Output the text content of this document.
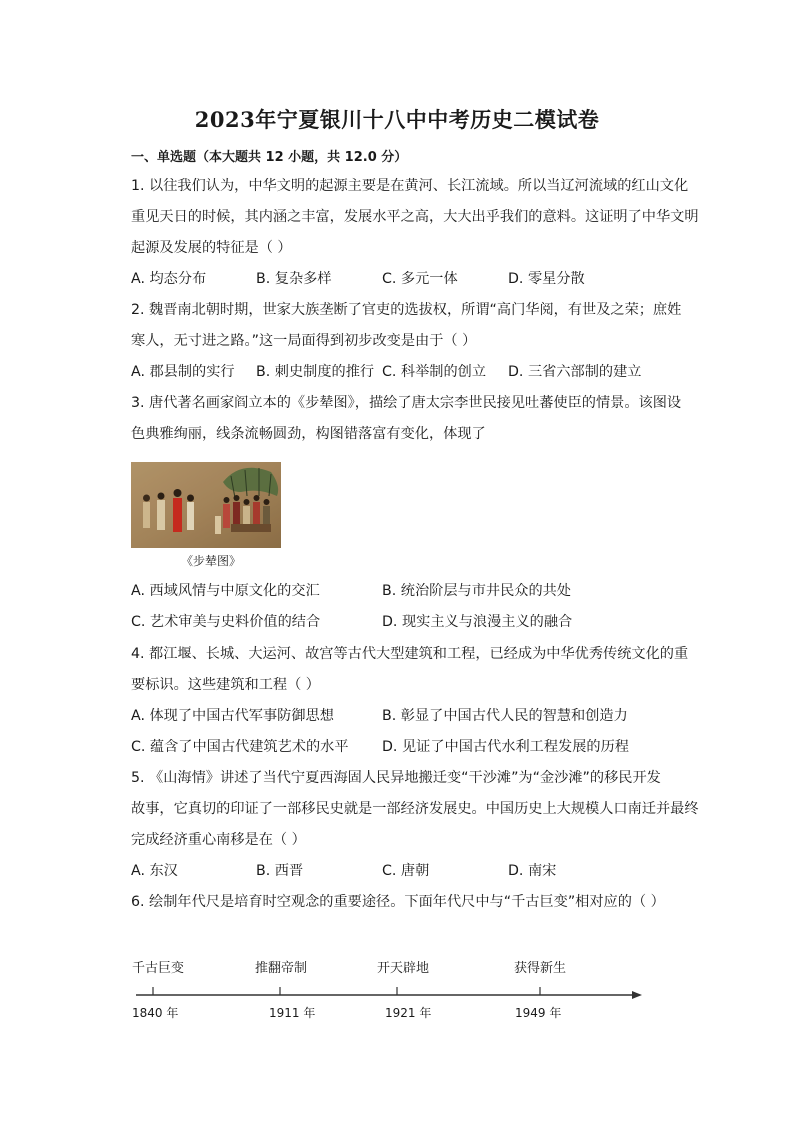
2023年宁夏银川十八中中考历史二模试卷
一、单选题（本大题共 12 小题，共 12.0 分）
1. 以往我们认为，中华文明的起源主要是在黄河、长江流域。所以当辽河流域的红山文化
重见天日的时候，其内涵之丰富，发展水平之高，大大出乎我们的意料。这证明了中华文明
起源及发展的特征是（ ）
A. 均态分布	B. 复杂多样	C. 多元一体	D. 零星分散
2. 魏晋南北朝时期，世家大族垄断了官吏的选拔权，所谓“高门华阅，有世及之荣；庶姓
寒人，无寸进之路。”这一局面得到初步改变是由于（ ）
A. 郡县制的实行 B. 刺史制度的推行 C. 科举制的创立 D. 三省六部制的建立
3. 唐代著名画家阎立本的《步辇图》，描绘了唐太宗李世民接见吐蕃使臣的情景。该图设
色典雅绚丽，线条流畅圆劲，构图错落富有变化，体现了
《步辇图》
A. 西域风情与中原文化的交汇	B. 统治阶层与市井民众的共处
C. 艺术审美与史料价值的结合	D. 现实主义与浪漫主义的融合
4. 都江堰、长城、大运河、故宫等古代大型建筑和工程，已经成为中华优秀传统文化的重
要标识。这些建筑和工程（ ）
A. 体现了中国古代军事防御思想	B. 彰显了中国古代人民的智慧和创造力
C. 蕴含了中国古代建筑艺术的水平 D. 见证了中国古代水利工程发展的历程
5. 《山海情》讲述了当代宁夏西海固人民异地搬迁变“干沙滩”为“金沙滩”的移民开发
故事，它真切的印证了一部移民史就是一部经济发展史。中国历史上大规模人口南迁并最终
完成经济重心南移是在（ ）
A. 东汉	B. 西晋	C. 唐朝	D. 南宋
6. 绘制年代尺是培育时空观念的重要途径。下面年代尺中与“千古巨变”相对应的（ ）
千古巨变	推翻帝制	开天辟地	获得新生
1840 年	1911 年	1921 年	1949 年
